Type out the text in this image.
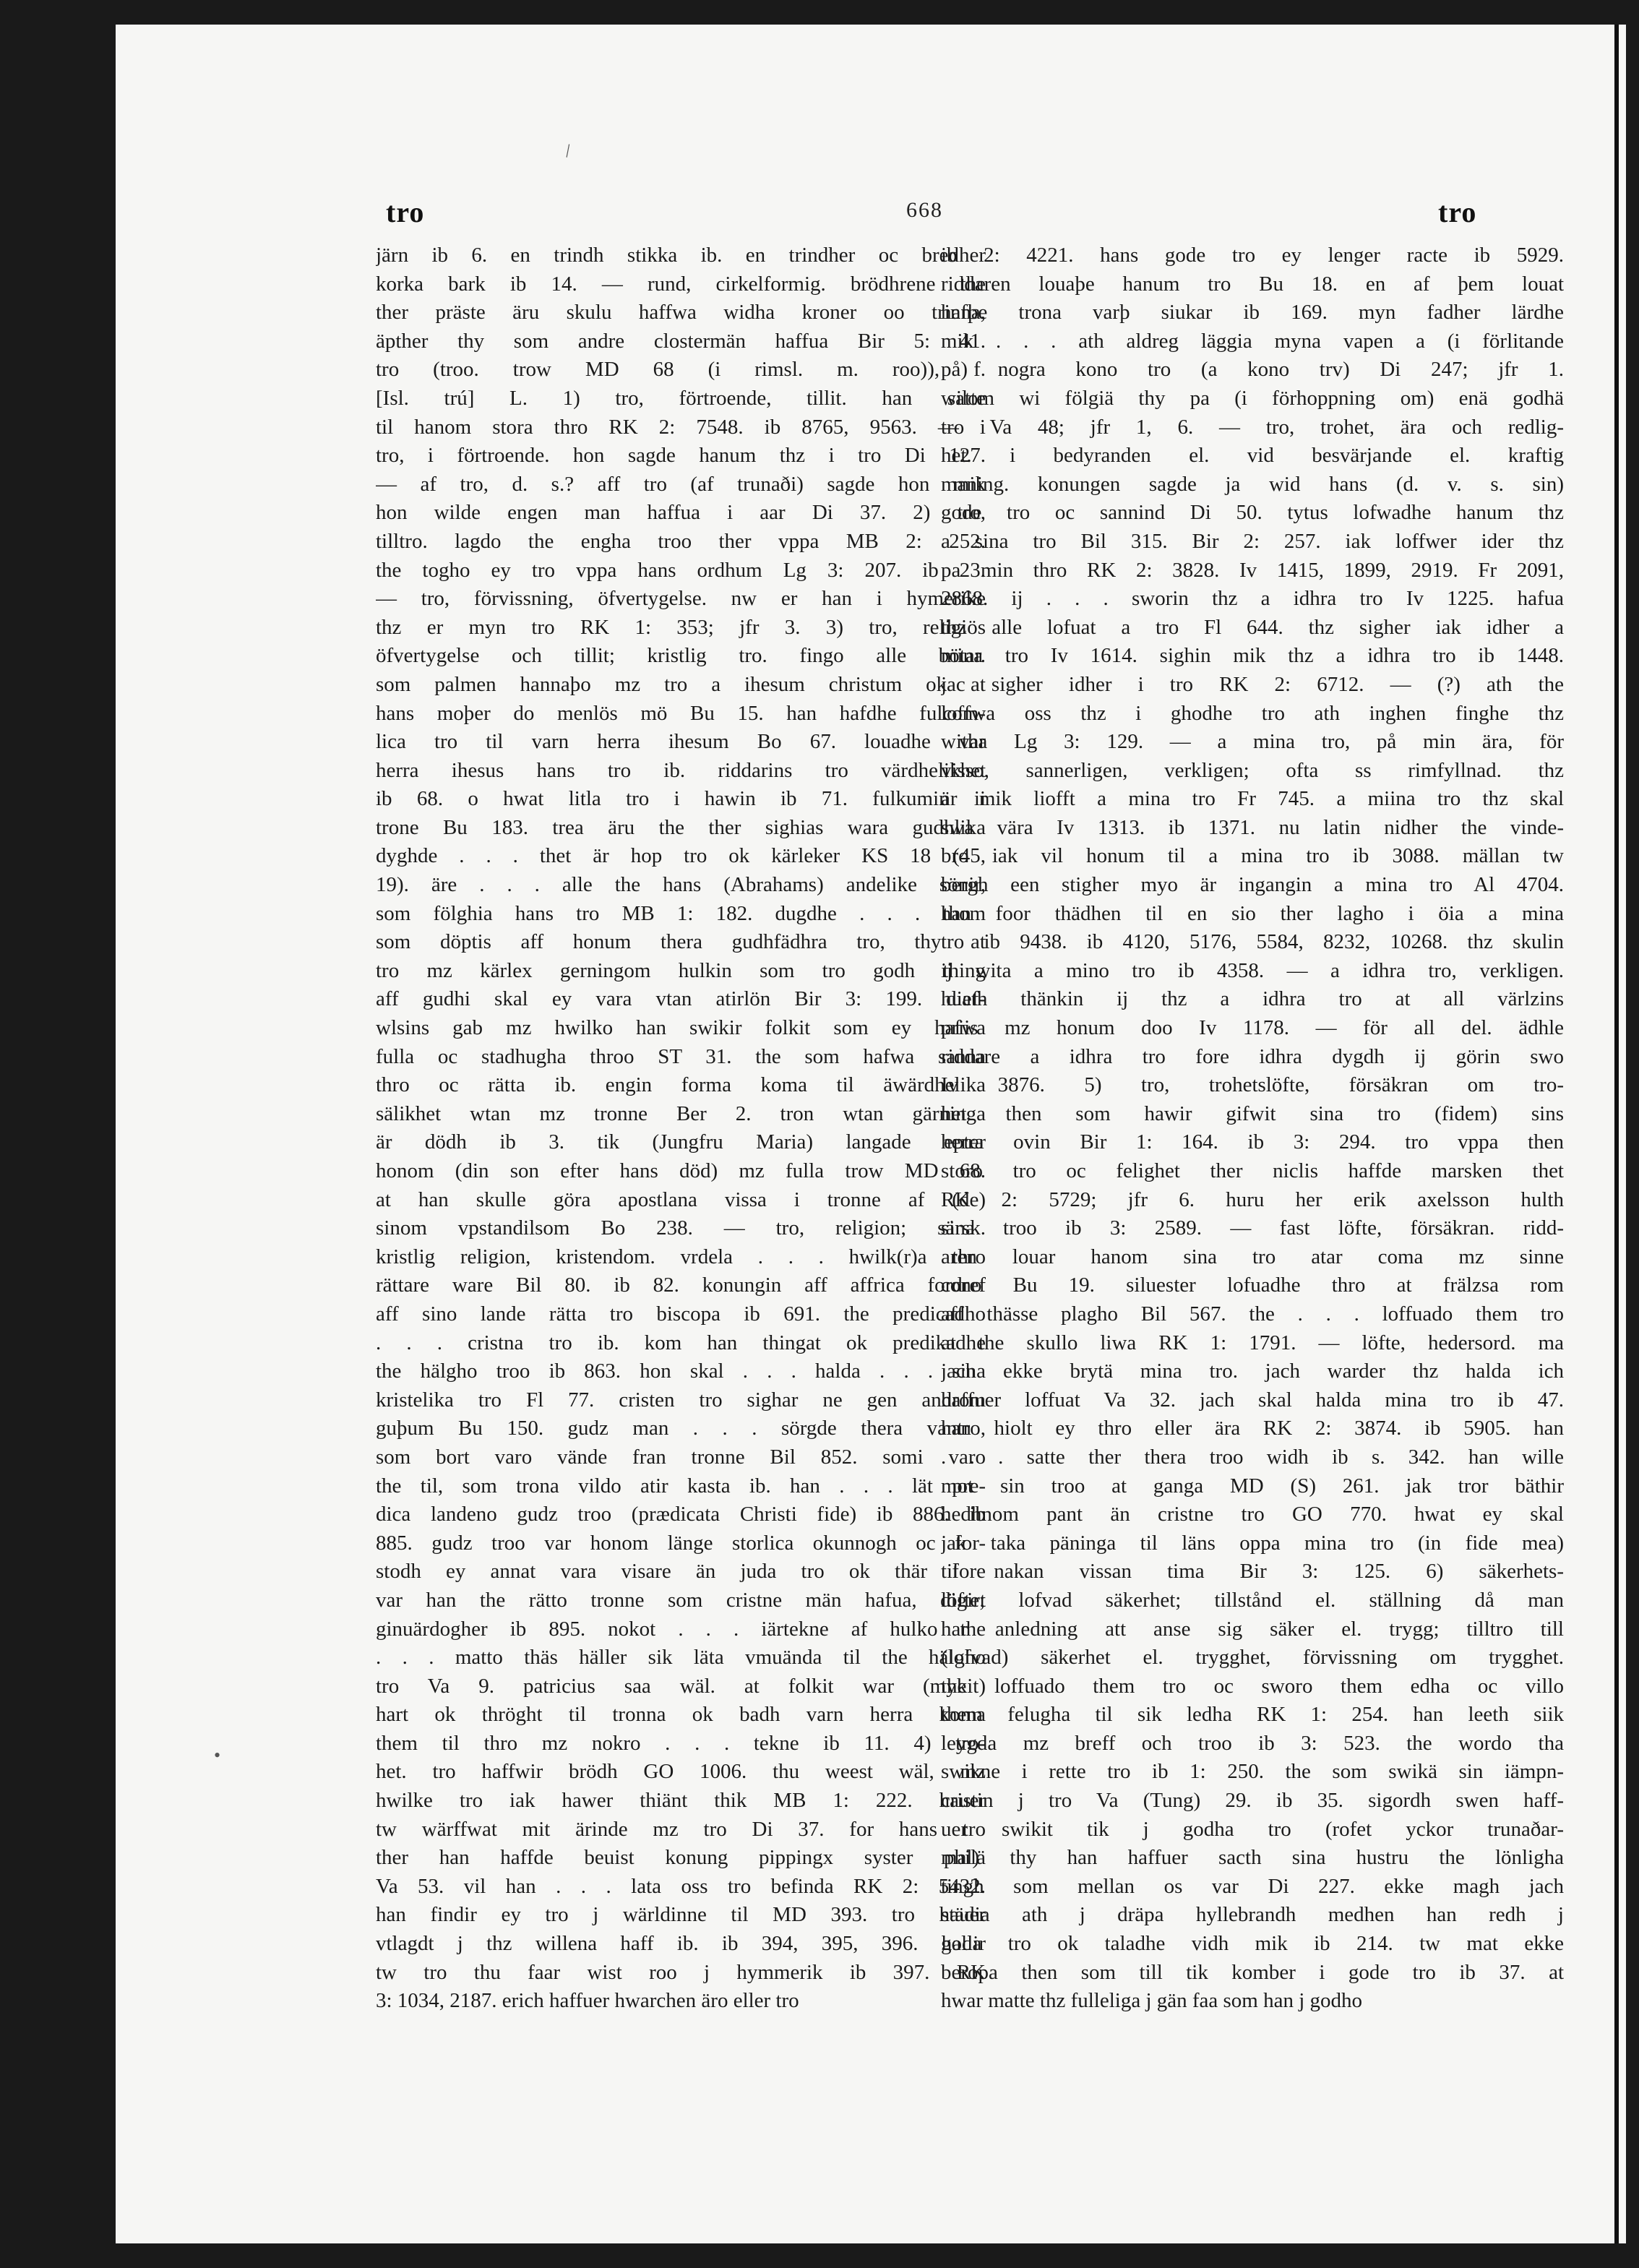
\
tro	668	tro
järn ib 6. en trindh stikka ib. en trindher oc bredher
korka bark ib 14. — rund, cirkelformig. brödhrene the
ther präste äru skulu haffwa widha kroner oo trinna,
äpther thy som andre clostermän haffua Bir 5: 41.
tro (troo. trow MD 68 (i rimsl. m. roo)), f.
[Isl. trú] L. 1) tro, förtroende, tillit. han satte
til hanom stora thro RK 2: 7548. ib 8765, 9563. — i
tro, i förtroende. hon sagde hanum thz i tro Di 127.
— af tro, d. s.? aff tro (af trunaði) sagde hon mik
hon wilde engen man haffua i aar Di 37. 2) tro,
tilltro. lagdo the engha troo ther vppa MB 2: 252.
the togho ey tro vppa hans ordhum Lg 3: 207. ib 23.
— tro, förvissning, öfvertygelse. nw er han i hymerike
thz er myn tro RK 1: 353; jfr 3. 3) tro, religiös
öfvertygelse och tillit; kristlig tro. fingo alle bötar.
som palmen hannaþo mz tro a ihesum christum ok at
hans moþer do menlös mö Bu 15. han hafdhe fulcom-
lica tro til varn herra ihesum Bo 67. louadhe var
herra ihesus hans tro ib. riddarins tro värdhelikhet
ib 68. o hwat litla tro i hawin ib 71. fulkumin ii
trone Bu 183. trea äru the ther sighias wara gudhlika
dyghde . . . thet är hop tro ok kärleker KS 18 (45,
19). äre . . . alle the hans (Abrahams) andelike sönir,
som fölghia hans tro MB 1: 182. dugdhe . . . thom
som döptis aff honum thera gudhfädhra tro, thy at
tro mz kärlex gerningom hulkin som tro godh thing
aff gudhi skal ey vara vtan atirlön Bir 3: 199. dief-
wlsins gab mz hwilko han swikir folkit som ey hafwa
fulla oc stadhugha throo ST 31. the som hafwa sanna
thro oc rätta ib. engin forma koma til äwärdhelika
sälikhet wtan mz tronne Ber 2. tron wtan gärninga
är dödh ib 3. tik (Jungfru Maria) langade epter
honom (din son efter hans död) mz fulla trow MD 68.
at han skulle göra apostlana vissa i tronne af (de)
sinom vpstandilsom Bo 238. — tro, religion; särsk.
kristlig religion, kristendom. vrdela . . . hwilk(r)a thro
rättare ware Bil 80. ib 82. konungin aff affrica fordref
aff sino lande rätta tro biscopa ib 691. the predicadho
. . . cristna tro ib. kom han thingat ok predikadhe
the hälgho troo ib 863. hon skal . . . halda . . . sina
kristelika tro Fl 77. cristen tro sighar ne gen androm
guþum Bu 150. gudz man . . . sörgde thera vantro,
som bort varo vände fran tronne Bil 852. somi varo
the til, som trona vildo atir kasta ib. han . . . lät pre-
dica landeno gudz troo (prædicata Christi fide) ib 886. ib
885. gudz troo var honom länge storlica okunnogh oc for-
stodh ey annat vara visare än juda tro ok thär fore
var han the rätto tronne som cristne män hafua, digirt
ginuärdogher ib 895. nokot . . . iärtekne af hulko the
. . . matto thäs häller sik läta vmuända til the hälgho
tro Va 9. patricius saa wäl. at folkit war (mykit)
hart ok thröght til tronna ok badh varn herra koma
them til thro mz nokro . . . tekne ib 11. 4) tro-
het. tro haffwir brödh GO 1006. thu weest wäl, mz
hwilke tro iak hawer thiänt thik MB 1: 222. hauer
tw wärffwat mit ärinde mz tro Di 37. for hans tro
ther han haffde beuist konung pippingx syster philä
Va 53. vil han . . . lata oss tro befinda RK 2: 5432.
han findir ey tro j wärldinne til MD 393. tro hauer
vtlagdt j thz willena haff ib. ib 394, 395, 396. hallir
tw tro thu faar wist roo j hymmerik ib 397. RK
3: 1034, 2187. erich haffuer hwarchen äro eller tro
ib 2: 4221. hans gode tro ey lenger racte ib 5929.
riddaren louaþe hanum tro Bu 18. en af þem louat
hafþe trona varþ siukar ib 169. myn fadher lärdhe
mik . . . ath aldreg läggia myna vapen a (i förlitande
på) nogra kono tro (a kono trv) Di 247; jfr 1.
wilom wi fölgiä thy pa (i förhoppning om) enä godhä
tro Va 48; jfr 1, 6. — tro, trohet, ära och redlig-
het. i bedyranden el. vid besvärjande el. kraftig
maning. konungen sagde ja wid hans (d. v. s. sin)
gode tro oc sannind Di 50. tytus lofwadhe hanum thz
a sina tro Bil 315. Bir 2: 257. iak loffwer ider thz
pa min thro RK 2: 3828. Iv 1415, 1899, 2919. Fr 2091,
2868. ij . . . sworin thz a idhra tro Iv 1225. hafua
thz alle lofuat a tro Fl 644. thz sigher iak idher a
mina tro Iv 1614. sighin mik thz a idhra tro ib 1448.
jac sigher idher i tro RK 2: 6712. — (?) ath the
loffwa oss thz i ghodhe tro ath inghen finghe thz
witha Lg 3: 129. — a mina tro, på min ära, för
visso, sannerligen, verkligen; ofta ss rimfyllnad. thz
är mik liofft a mina tro Fr 745. a miina tro thz skal
swa vära Iv 1313. ib 1371. nu latin nidher the vinde-
bro iak vil honum til a mina tro ib 3088. mällan tw
bergh een stigher myo är ingangin a mina tro Al 4704.
han foor thädhen til en sio ther lagho i öia a mina
tro ib 9438. ib 4120, 5176, 5584, 8232, 10268. thz skulin
ij wita a mino tro ib 4358. — a idhra tro, verkligen.
huath thänkin ij thz a idhra tro at all värlzins
priis mz honum doo Iv 1178. — för all del. ädhle
riddare a idhra tro fore idhra dygdh ij görin swo
Iv 3876. 5) tro, trohetslöfte, försäkran om tro-
het. then som hawir gifwit sina tro (fidem) sins
herra ovin Bir 1: 164. ib 3: 294. tro vppa then
storo tro oc felighet ther niclis haffde marsken thet
RK 2: 5729; jfr 6. huru her erik axelsson hulth
sina troo ib 3: 2589. — fast löfte, försäkran. ridd-
aren louar hanom sina tro atar coma mz sinne
cono Bu 19. siluester lofuadhe thro at frälzsa rom
aff thässe plagho Bil 567. the . . . loffuado them tro
at the skullo liwa RK 1: 1791. — löfte, hedersord. ma
jach ekke brytä mina tro. jach warder thz halda ich
haffuer loffuat Va 32. jach skal halda mina tro ib 47.
han hiolt ey thro eller ära RK 2: 3874. ib 5905. han
. . . satte ther thera troo widh ib s. 342. han wille
mot sin troo at ganga MD (S) 261. jak tror bäthir
hedhnom pant än cristne tro GO 770. hwat ey skal
jak taka päninga til läns oppa mina tro (in fide mea)
til nakan vissan tima Bir 3: 125. 6) säkerhets-
löfte; lofvad säkerhet; tillstånd el. ställning då man
har anledning att anse sig säker el. trygg; tilltro till
(lofvad) säkerhet el. trygghet, förvissning om trygghet.
the loffuado them tro oc sworo them edha oc villo
them felugha til sik ledha RK 1: 254. han leeth siik
leygda mz breff och troo ib 3: 523. the wordo tha
swikne i rette tro ib 1: 250. the som swikä sin iämpn-
cristin j tro Va (Tung) 29. ib 35. sigordh swen haff-
uer swikit tik j godha tro (rofet yckor trunaðar-
mal) thy han haffuer sacth sina hustru the lönligha
tingh som mellan os var Di 227. ekke magh jach
städia ath j dräpa hyllebrandh medhen han redh j
goda tro ok taladhe vidh mik ib 214. tw mat ekke
beropa then som till tik komber i gode tro ib 37. at
hwar matte thz fulleliga j gän faa som han j godho
•
